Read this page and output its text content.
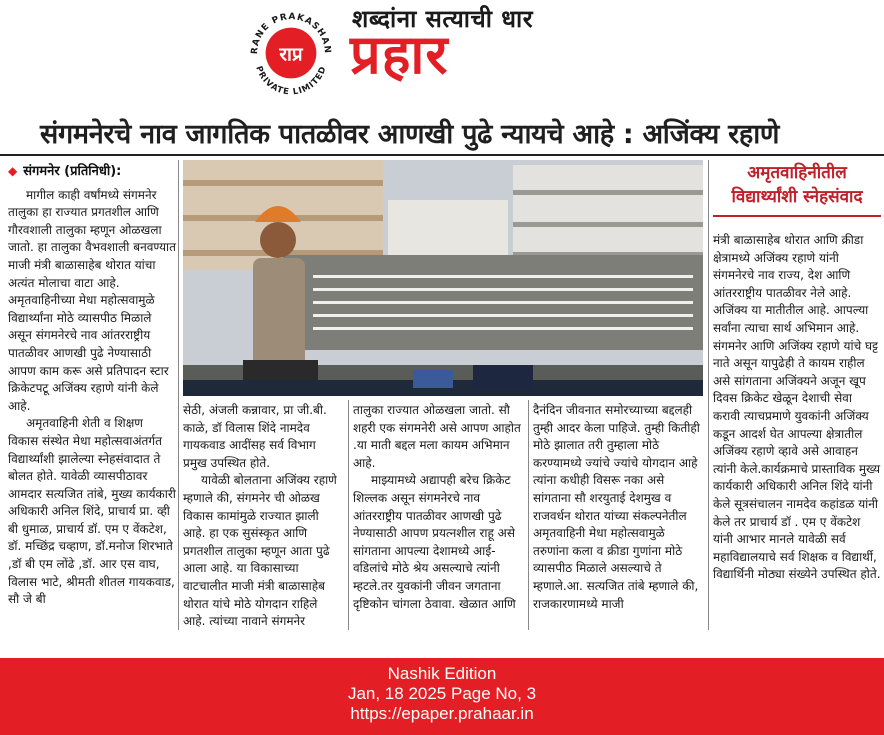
RANE PRAKASHAN
PRIVATE LIMITED
राप्र
शब्दांना सत्याची धार
प्रहार
संगमनेरचे नाव जागतिक पातळीवर आणखी पुढे न्यायचे आहे : अजिंक्य रहाणे
◆ संगमनेर (प्रतिनिधी):

मागील काही वर्षांमध्ये संगमनेर तालुका हा राज्यात प्रगतशील आणि गौरवशाली तालुका म्हणून ओळखला जातो. हा तालुका वैभवशाली बनवण्यात माजी मंत्री बाळासाहेब थोरात यांचा अत्यंत मोलाचा वाटा आहे. अमृतवाहिनीच्या मेधा महोत्सवामुळे विद्यार्थ्यांना मोठे व्यासपीठ मिळाले असून संगमनेरचे नाव आंतरराष्ट्रीय पातळीवर आणखी पुढे नेण्यासाठी आपण काम करू असे प्रतिपादन स्टार क्रिकेटपटू अजिंक्य रहाणे यांनी केले आहे.

अमृतवाहिनी शेती व शिक्षण विकास संस्थेत मेधा महोत्सवाअंतर्गत विद्यार्थ्यांशी झालेल्या स्नेहसंवादात ते बोलत होते. यावेळी व्यासपीठावर आमदार सत्यजित तांबे, मुख्य कार्यकारी अधिकारी अनिल शिंदे, प्राचार्य प्रा. व्ही बी धुमाळ, प्राचार्य डॉ. एम ए वेंकटेश, डॉ. मच्छिंद्र चव्हाण, डॉ.मनोज शिरभाते ,डॉ बी एम लोंढे ,डॉ. आर एस वाघ, विलास भाटे, श्रीमती शीतल गायकवाड, सौ जे बी

सेठी, अंजली कन्नावार, प्रा जी.बी. काळे, डॉ विलास शिंदे नामदेव गायकवाड आदींसह सर्व विभाग प्रमुख उपस्थित होते.

यावेळी बोलताना अजिंक्य रहाणे म्हणाले की, संगमनेर ची ओळख विकास कामांमुळे राज्यात झाली आहे. हा एक सुसंस्कृत आणि प्रगतशील तालुका म्हणून आता पुढे आला आहे. या विकासाच्या वाटचालीत माजी मंत्री बाळासाहेब थोरात यांचे मोठे योगदान राहिले आहे. त्यांच्या नावाने संगमनेर

तालुका राज्यात ओळखला जातो. सौ शहरी एक संगमनेरी असे आपण आहोत .या माती बद्दल मला कायम अभिमान आहे.

माझ्यामध्ये अद्यापही बरेच क्रिकेट शिल्लक असून संगमनेरचे नाव आंतरराष्ट्रीय पातळीवर आणखी पुढे नेण्यासाठी आपण प्रयत्नशील राहू असे सांगताना आपल्या देशामध्ये आई-वडिलांचे मोठे श्रेय असल्याचे त्यांनी म्हटले.तर युवकांनी जीवन जगताना दृष्टिकोन चांगला ठेवावा. खेळात आणि

दैनंदिन जीवनात समोरच्याच्या बद्दलही तुम्ही आदर केला पाहिजे. तुम्ही कितीही मोठे झालात तरी तुम्हाला मोठे करण्यामध्ये ज्यांचे ज्यांचे योगदान आहे त्यांना कधीही विसरू नका असे सांगताना सौ शरयुताई देशमुख व राजवर्धन थोरात यांच्या संकल्पनेतील अमृतवाहिनी मेधा महोत्सवामुळे तरुणांना कला व क्रीडा गुणांना मोठे व्यासपीठ मिळाले असल्याचे ते म्हणाले.आ. सत्यजित तांबे म्हणाले की, राजकारणामध्ये माजी

अमृतवाहिनीतील विद्यार्थ्यांशी स्नेहसंवाद

मंत्री बाळासाहेब थोरात आणि क्रीडा क्षेत्रामध्ये अजिंक्य रहाणे यांनी संगमनेरचे नाव राज्य, देश आणि आंतरराष्ट्रीय पातळीवर नेले आहे. अजिंक्य या मातीतील आहे. आपल्या सर्वांना त्याचा सार्थ अभिमान आहे. संगमनेर आणि अजिंक्य रहाणे यांचे घट्ट नाते असून यापुढेही ते कायम राहील असे सांगताना अजिंक्यने अजून खूप दिवस क्रिकेट खेळून देशाची सेवा करावी त्याचप्रमाणे युवकांनी अजिंक्य कडून आदर्श घेत आपल्या क्षेत्रातील अजिंक्य रहाणे व्हावे असे आवाहन त्यांनी केले.कार्यक्रमाचे प्रास्ताविक मुख्य कार्यकारी अधिकारी अनिल शिंदे यांनी केले सूत्रसंचालन नामदेव कहांडळ यांनी केले तर प्राचार्य डॉ . एम ए वेंकटेश यांनी आभार मानले यावेळी सर्व महाविद्यालयाचे सर्व शिक्षक व विद्यार्थी, विद्यार्थिनी मोठ्या संख्येने उपस्थित होते.

Nashik Edition
Jan, 18 2025 Page No, 3
https://epaper.prahaar.in
